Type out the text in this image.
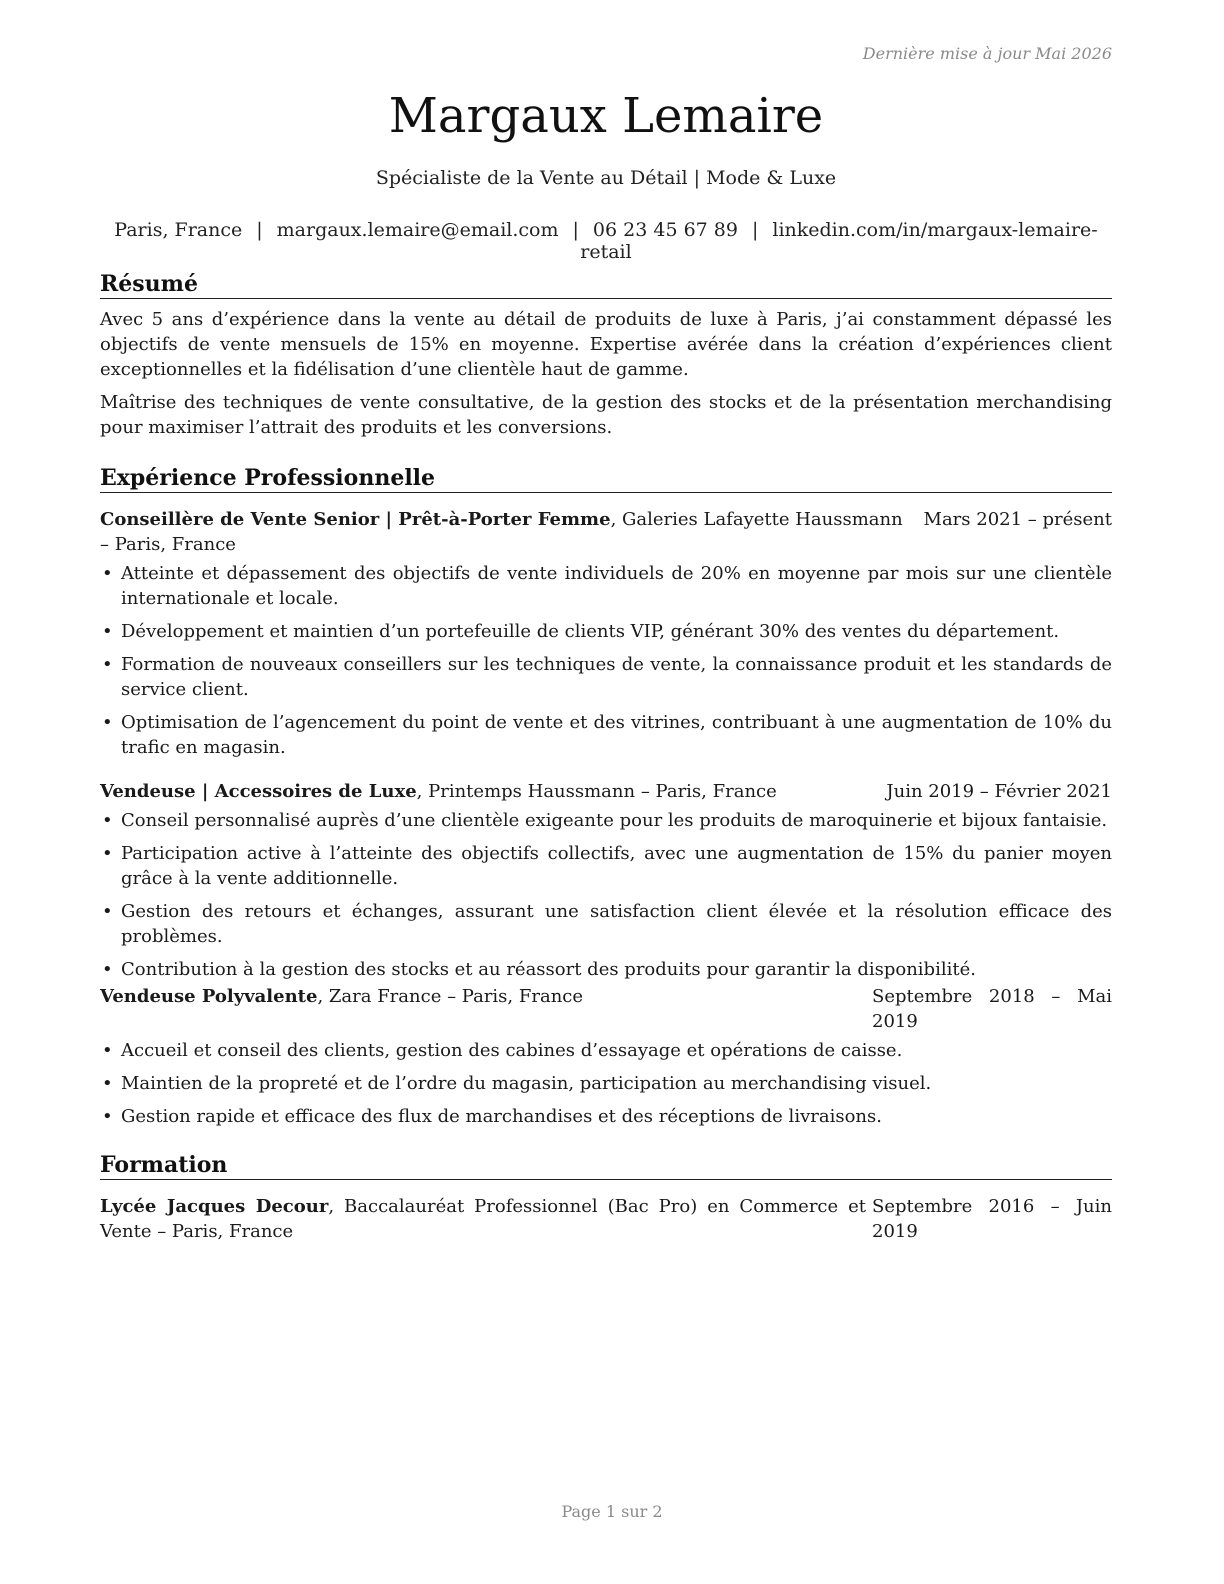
Dernière mise à jour Mai 2026
Margaux Lemaire
Spécialiste de la Vente au Détail | Mode & Luxe
Paris, France | margaux.lemaire@email.com | 06 23 45 67 89 | linkedin.com/in/margaux-lemaire-retail
Résumé
Avec 5 ans d’expérience dans la vente au détail de produits de luxe à Paris, j’ai constamment dépassé les objectifs de vente mensuels de 15% en moyenne. Expertise avérée dans la création d’expériences client exceptionnelles et la fidélisation d’une clientèle haut de gamme.
Maîtrise des techniques de vente consultative, de la gestion des stocks et de la présentation merchandising pour maximiser l’attrait des produits et les conversions.
Expérience Professionnelle
Conseillère de Vente Senior | Prêt-à-Porter Femme, Galeries Lafayette Haussmann – Paris, France
Mars 2021 – présent
• Atteinte et dépassement des objectifs de vente individuels de 20% en moyenne par mois sur une clientèle internationale et locale.
• Développement et maintien d’un portefeuille de clients VIP, générant 30% des ventes du département.
• Formation de nouveaux conseillers sur les techniques de vente, la connaissance produit et les standards de service client.
• Optimisation de l’agencement du point de vente et des vitrines, contribuant à une augmentation de 10% du trafic en magasin.
Vendeuse | Accessoires de Luxe, Printemps Haussmann – Paris, France	Juin 2019 – Février 2021
• Conseil personnalisé auprès d’une clientèle exigeante pour les produits de maroquinerie et bijoux fantaisie.
• Participation active à l’atteinte des objectifs collectifs, avec une augmentation de 15% du panier moyen grâce à la vente additionnelle.
• Gestion des retours et échanges, assurant une satisfaction client élevée et la résolution efficace des problèmes.
• Contribution à la gestion des stocks et au réassort des produits pour garantir la disponibilité.
Vendeuse Polyvalente, Zara France – Paris, France	Septembre 2018 – Mai 2019
• Accueil et conseil des clients, gestion des cabines d’essayage et opérations de caisse.
• Maintien de la propreté et de l’ordre du magasin, participation au merchandising visuel.
• Gestion rapide et efficace des flux de marchandises et des réceptions de livraisons.
Formation
Lycée Jacques Decour, Baccalauréat Professionnel (Bac Pro) en Commerce et Vente – Paris, France
Septembre 2016 – Juin 2019
Page 1 sur 2
